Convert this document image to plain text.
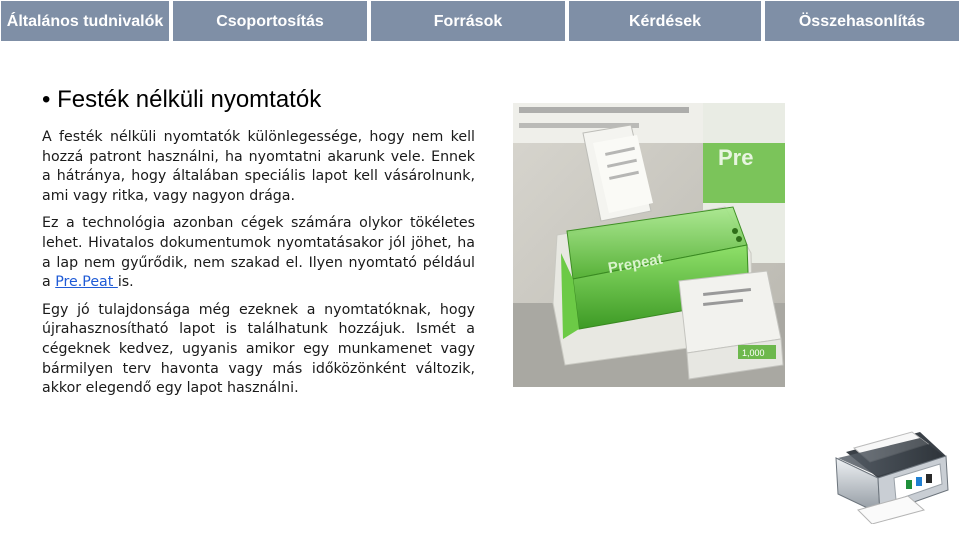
Általános tudnivalók	Csoportosítás	Források	Kérdések	Összehasonlítás
• Festék nélküli nyomtatók

A festék nélküli nyomtatók különlegessége, hogy nem kell hozzá patront használni, ha nyomtatni akarunk vele. Ennek a hátránya, hogy általában speciális lapot kell vásárolnunk, ami vagy ritka, vagy nagyon drága.

Ez a technológia azonban cégek számára olykor tökéletes lehet. Hivatalos dokumentumok nyomtatásakor jól jöhet, ha a lap nem gyűrődik, nem szakad el. Ilyen nyomtató például a Pre.Peat is.

Egy jó tulajdonsága még ezeknek a nyomtatóknak, hogy újrahasznosítható lapot is találhatunk hozzájuk. Ismét a cégeknek kedvez, ugyanis amikor egy munkamenet vagy bármilyen terv havonta vagy más időközönként változik, akkor elegendő egy lapot használni.

Pre
Prepeat
1,000
